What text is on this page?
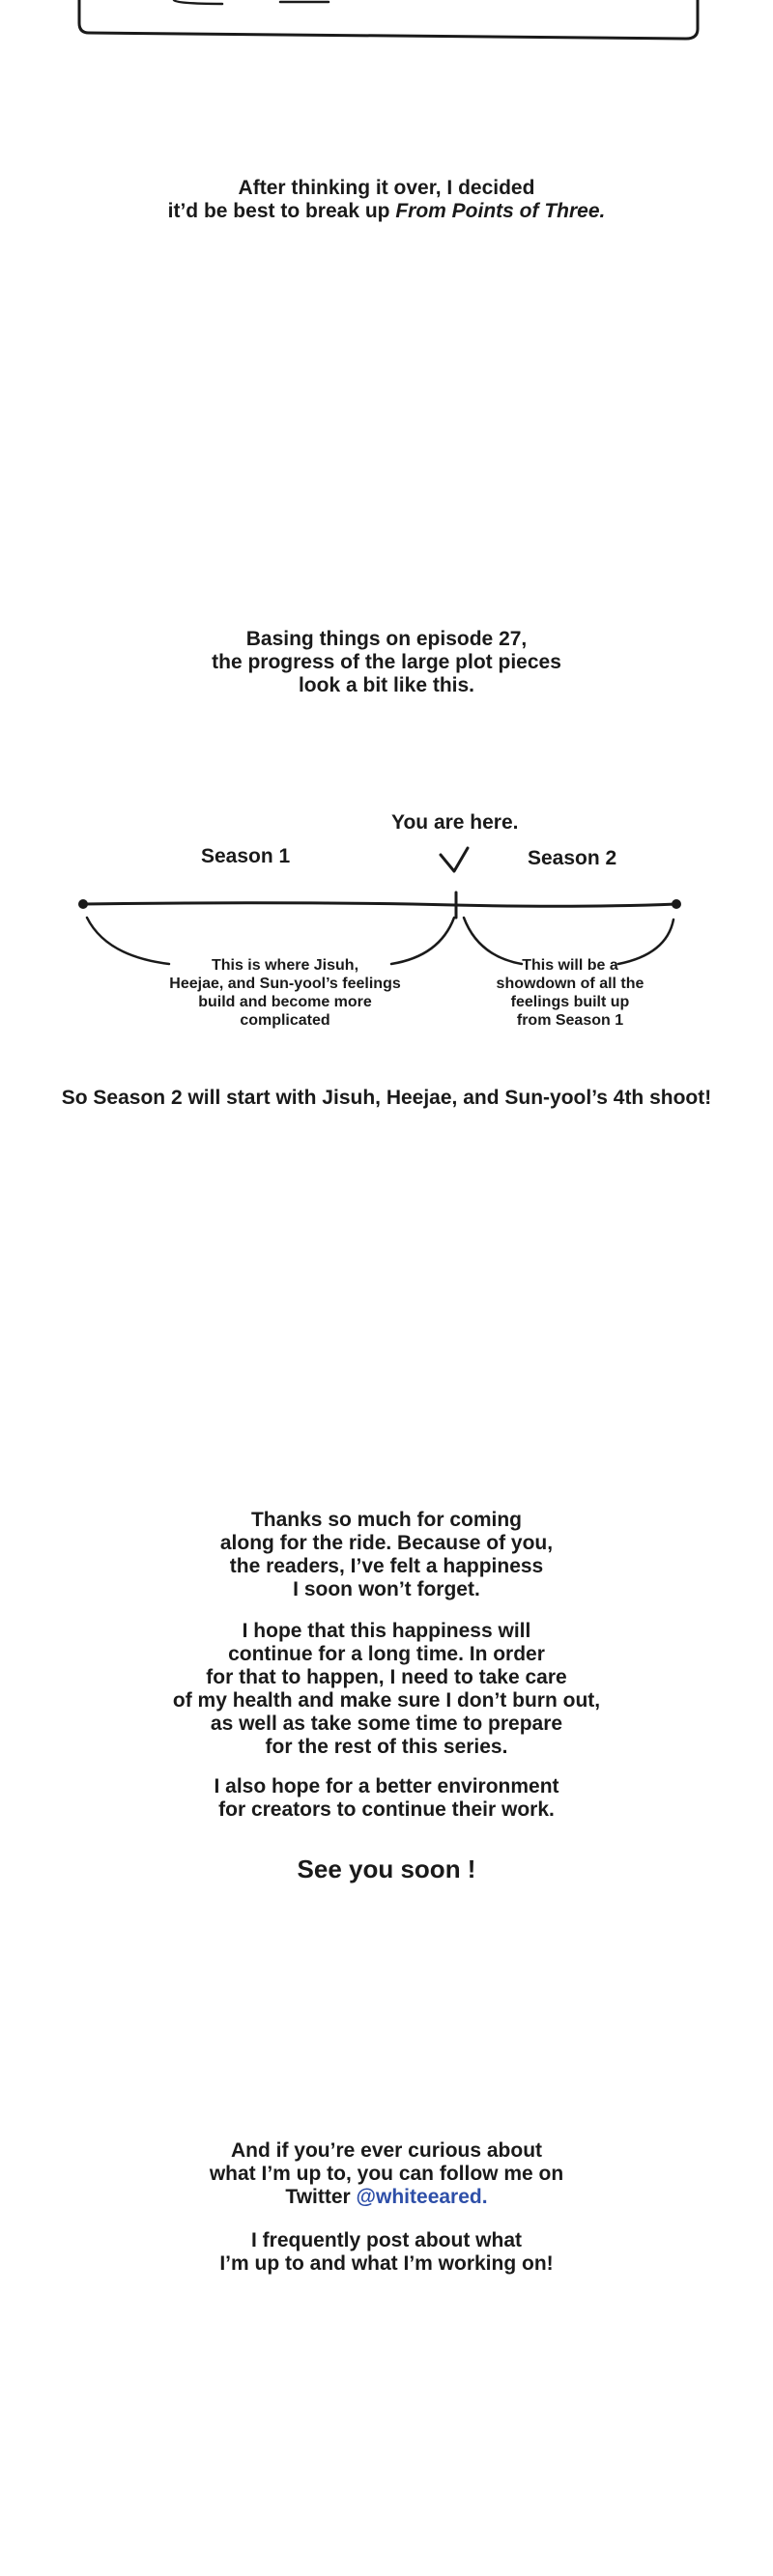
After thinking it over, I decided
it’d be best to break up From Points of Three.
Basing things on episode 27,
the progress of the large plot pieces
look a bit like this.
You are here.
Season 1	Season 2
This is where Jisuh,
Heejae, and Sun-yool’s feelings
build and become more
complicated
This will be a
showdown of all the
feelings built up
from Season 1
So Season 2 will start with Jisuh, Heejae, and Sun-yool’s 4th shoot!
Thanks so much for coming
along for the ride. Because of you,
the readers, I’ve felt a happiness
I soon won’t forget.
I hope that this happiness will
continue for a long time. In order
for that to happen, I need to take care
of my health and make sure I don’t burn out,
as well as take some time to prepare
for the rest of this series.
I also hope for a better environment
for creators to continue their work.
See you soon !
And if you’re ever curious about
what I’m up to, you can follow me on
Twitter @whiteeared.
I frequently post about what
I’m up to and what I’m working on!
